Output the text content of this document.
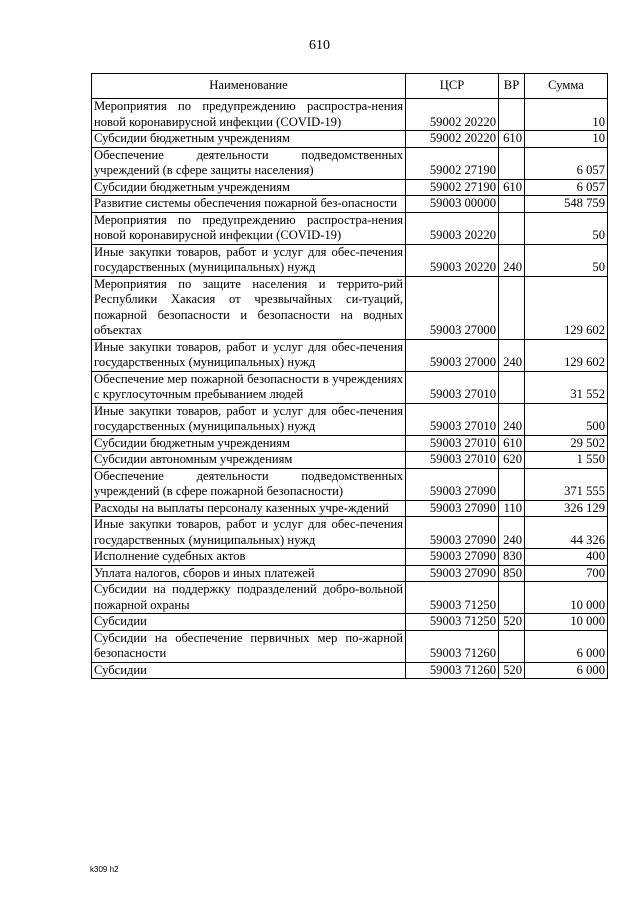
610
Наименование	ЦСР	ВР	Сумма
Мероприятия по предупреждению распростра-нения новой коронавирусной инфекции (COVID-19)	59002 20220		10
Субсидии бюджетным учреждениям	59002 20220	610	10
Обеспечение деятельности подведомственных учреждений (в сфере защиты населения)	59002 27190		6 057
Субсидии бюджетным учреждениям	59002 27190	610	6 057
Развитие системы обеспечения пожарной без-опасности	59003 00000		548 759
Мероприятия по предупреждению распростра-нения новой коронавирусной инфекции (COVID-19)	59003 20220		50
Иные закупки товаров, работ и услуг для обес-печения государственных (муниципальных) нужд	59003 20220	240	50
Мероприятия по защите населения и террито-рий Республики Хакасия от чрезвычайных си-туаций, пожарной безопасности и безопасности на водных объектах	59003 27000		129 602
Иные закупки товаров, работ и услуг для обес-печения государственных (муниципальных) нужд	59003 27000	240	129 602
Обеспечение мер пожарной безопасности в учреждениях с круглосуточным пребыванием людей	59003 27010		31 552
Иные закупки товаров, работ и услуг для обес-печения государственных (муниципальных) нужд	59003 27010	240	500
Субсидии бюджетным учреждениям	59003 27010	610	29 502
Субсидии автономным учреждениям	59003 27010	620	1 550
Обеспечение деятельности подведомственных учреждений (в сфере пожарной безопасности)	59003 27090		371 555
Расходы на выплаты персоналу казенных учре-ждений	59003 27090	110	326 129
Иные закупки товаров, работ и услуг для обес-печения государственных (муниципальных) нужд	59003 27090	240	44 326
Исполнение судебных актов	59003 27090	830	400
Уплата налогов, сборов и иных платежей	59003 27090	850	700
Субсидии на поддержку подразделений добро-вольной пожарной охраны	59003 71250		10 000
Субсидии	59003 71250	520	10 000
Субсидии на обеспечение первичных мер по-жарной безопасности	59003 71260		6 000
Субсидии	59003 71260	520	6 000
k309 h2
